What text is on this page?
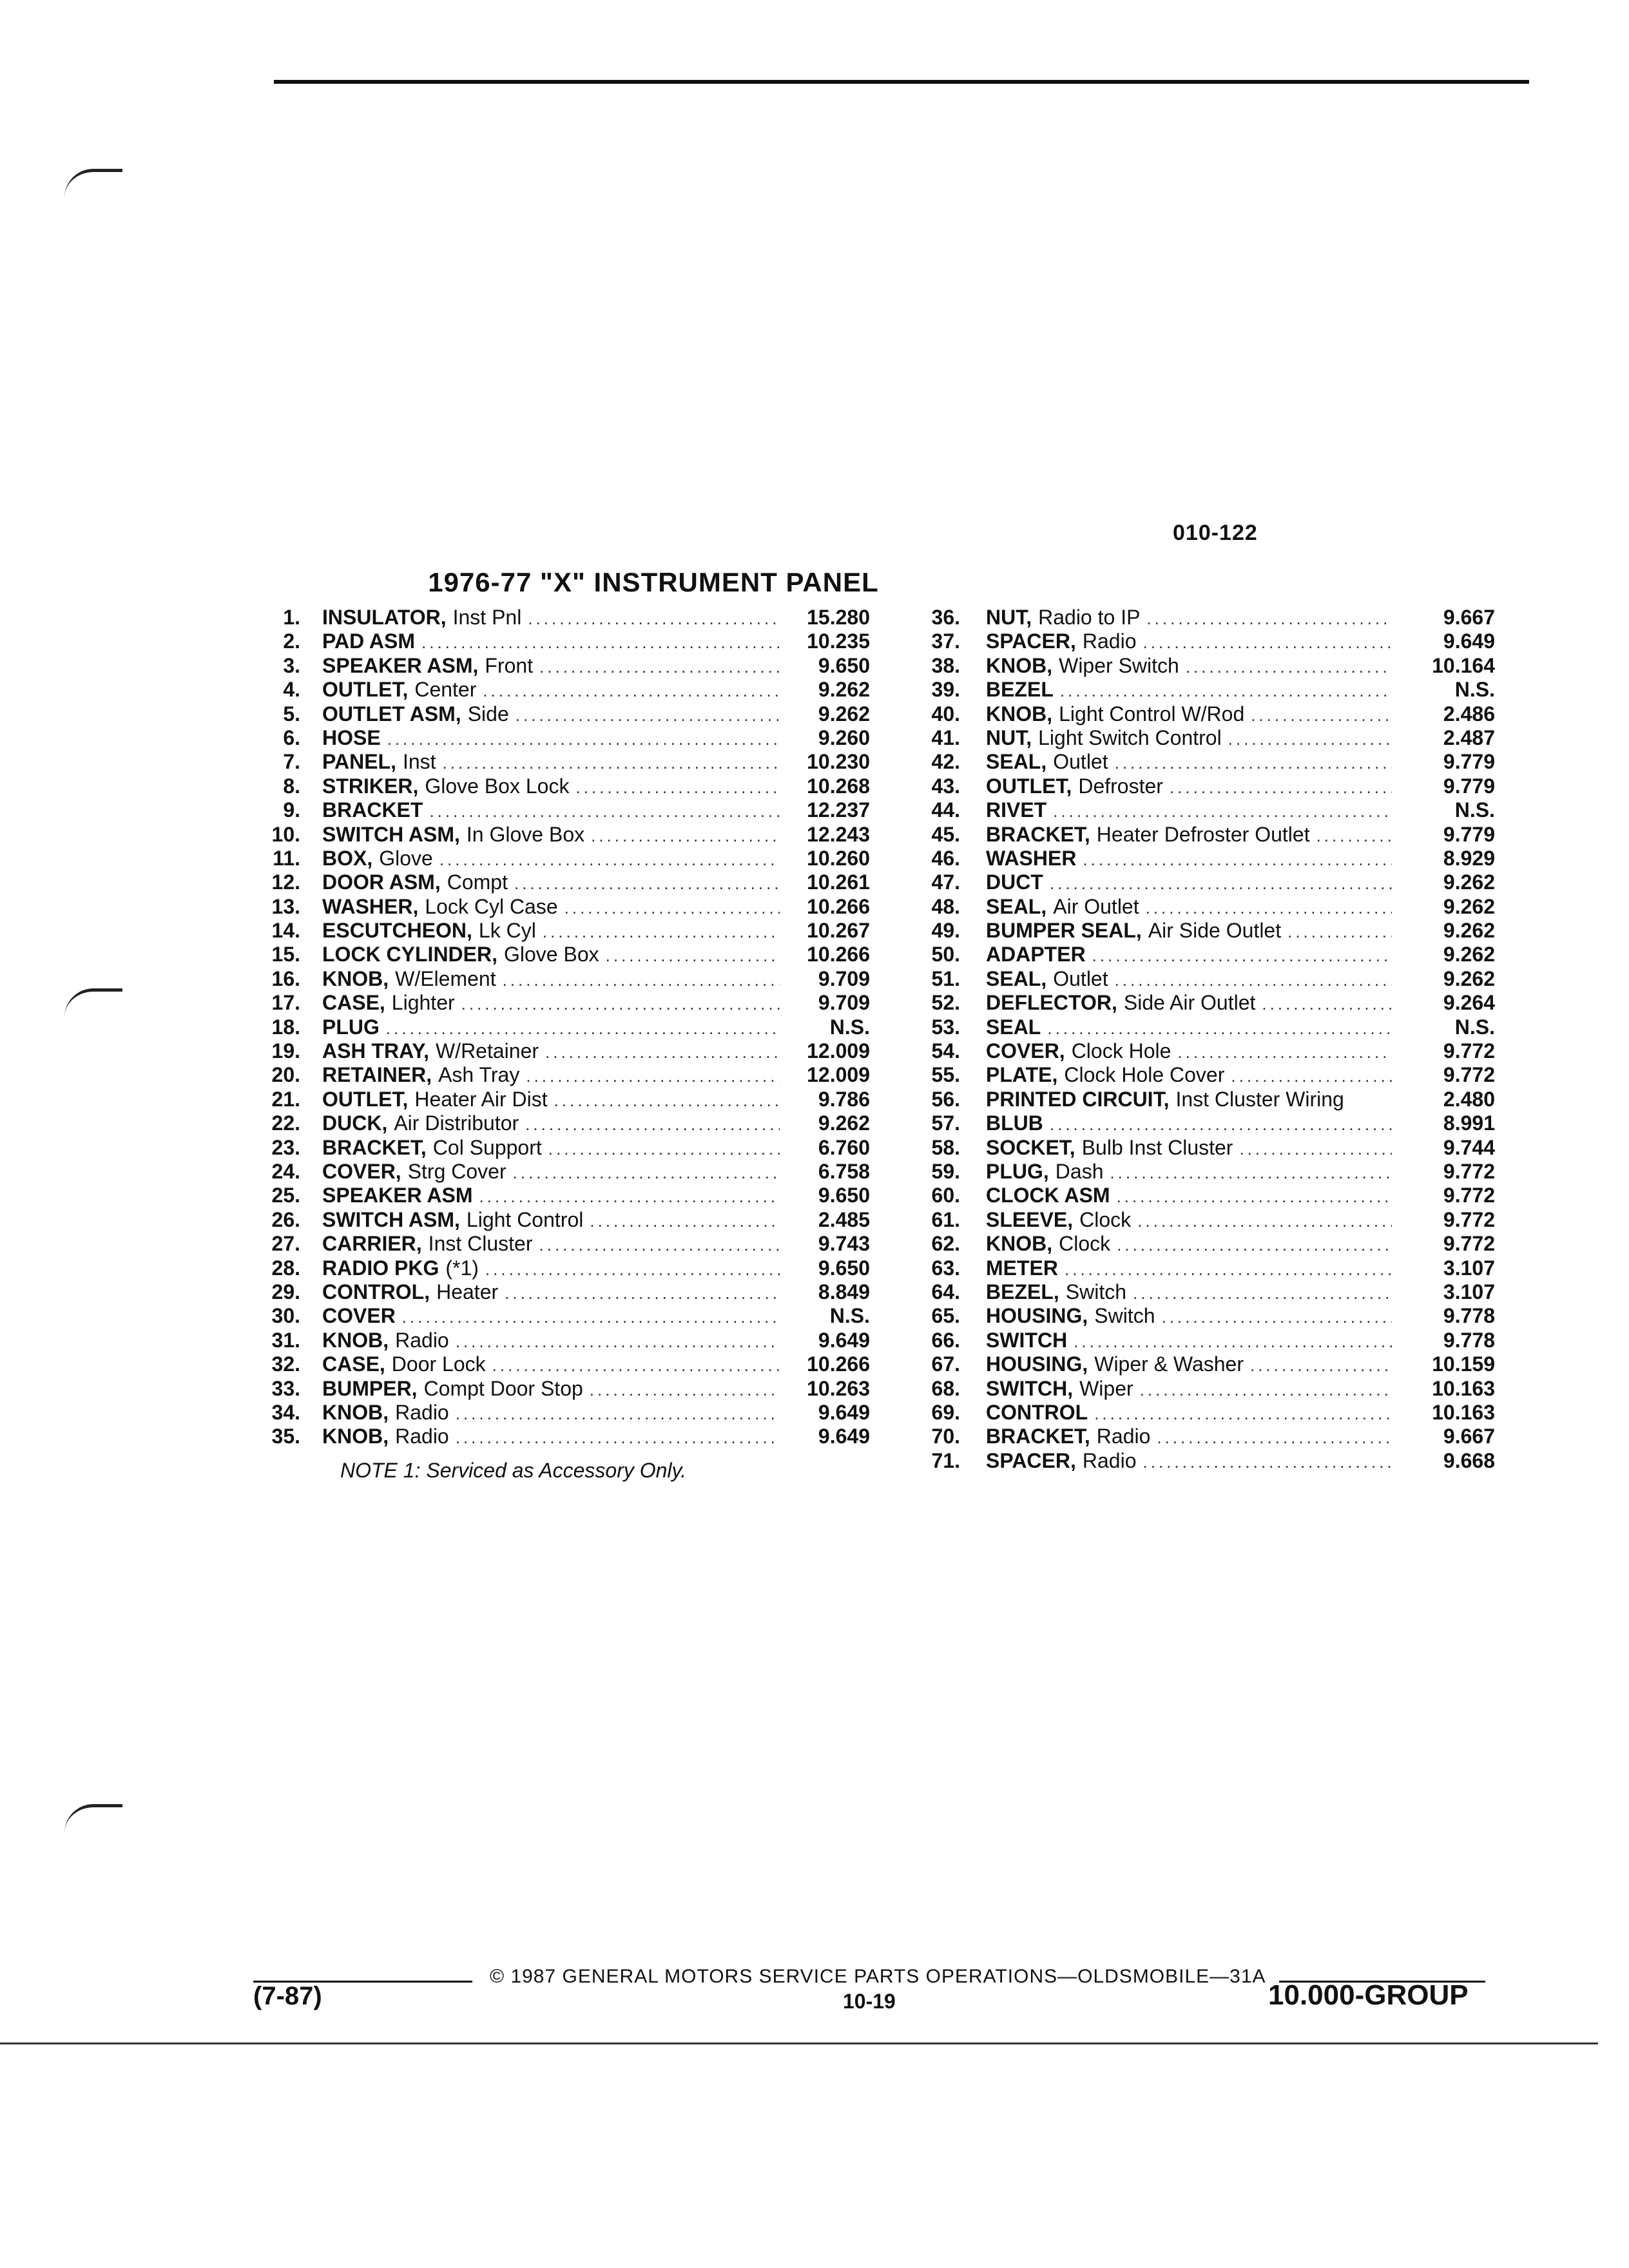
010-122
1976-77 "X" INSTRUMENT PANEL
1.	INSULATOR, Inst Pnl .....	15.280
2.	PAD ASM .....	10.235
3.	SPEAKER ASM, Front .....	9.650
4.	OUTLET, Center .....	9.262
5.	OUTLET ASM, Side .....	9.262
6.	HOSE .....	9.260
7.	PANEL, Inst .....	10.230
8.	STRIKER, Glove Box Lock .....	10.268
9.	BRACKET .....	12.237
10.	SWITCH ASM, In Glove Box .....	12.243
11.	BOX, Glove .....	10.260
12.	DOOR ASM, Compt .....	10.261
13.	WASHER, Lock Cyl Case .....	10.266
14.	ESCUTCHEON, Lk Cyl .....	10.267
15.	LOCK CYLINDER, Glove Box .....	10.266
16.	KNOB, W/Element .....	9.709
17.	CASE, Lighter .....	9.709
18.	PLUG .....	N.S.
19.	ASH TRAY, W/Retainer .....	12.009
20.	RETAINER, Ash Tray .....	12.009
21.	OUTLET, Heater Air Dist .....	9.786
22.	DUCK, Air Distributor .....	9.262
23.	BRACKET, Col Support .....	6.760
24.	COVER, Strg Cover .....	6.758
25.	SPEAKER ASM .....	9.650
26.	SWITCH ASM, Light Control .....	2.485
27.	CARRIER, Inst Cluster .....	9.743
28.	RADIO PKG (*1) .....	9.650
29.	CONTROL, Heater .....	8.849
30.	COVER .....	N.S.
31.	KNOB, Radio .....	9.649
32.	CASE, Door Lock .....	10.266
33.	BUMPER, Compt Door Stop .....	10.263
34.	KNOB, Radio .....	9.649
35.	KNOB, Radio .....	9.649
36.	NUT, Radio to IP .....	9.667
37.	SPACER, Radio .....	9.649
38.	KNOB, Wiper Switch .....	10.164
39.	BEZEL .....	N.S.
40.	KNOB, Light Control W/Rod .....	2.486
41.	NUT, Light Switch Control .....	2.487
42.	SEAL, Outlet .....	9.779
43.	OUTLET, Defroster .....	9.779
44.	RIVET .....	N.S.
45.	BRACKET, Heater Defroster Outlet .....	9.779
46.	WASHER .....	8.929
47.	DUCT .....	9.262
48.	SEAL, Air Outlet .....	9.262
49.	BUMPER SEAL, Air Side Outlet .....	9.262
50.	ADAPTER .....	9.262
51.	SEAL, Outlet .....	9.262
52.	DEFLECTOR, Side Air Outlet .....	9.264
53.	SEAL .....	N.S.
54.	COVER, Clock Hole .....	9.772
55.	PLATE, Clock Hole Cover .....	9.772
56.	PRINTED CIRCUIT, Inst Cluster Wiring	2.480
57.	BLUB .....	8.991
58.	SOCKET, Bulb Inst Cluster .....	9.744
59.	PLUG, Dash .....	9.772
60.	CLOCK ASM .....	9.772
61.	SLEEVE, Clock .....	9.772
62.	KNOB, Clock .....	9.772
63.	METER .....	3.107
64.	BEZEL, Switch .....	3.107
65.	HOUSING, Switch .....	9.778
66.	SWITCH .....	9.778
67.	HOUSING, Wiper & Washer .....	10.159
68.	SWITCH, Wiper .....	10.163
69.	CONTROL .....	10.163
70.	BRACKET, Radio .....	9.667
71.	SPACER, Radio .....	9.668
NOTE 1: Serviced as Accessory Only.
© 1987 GENERAL MOTORS SERVICE PARTS OPERATIONS—OLDSMOBILE—31A
(7-87)	10-19	10.000-GROUP
